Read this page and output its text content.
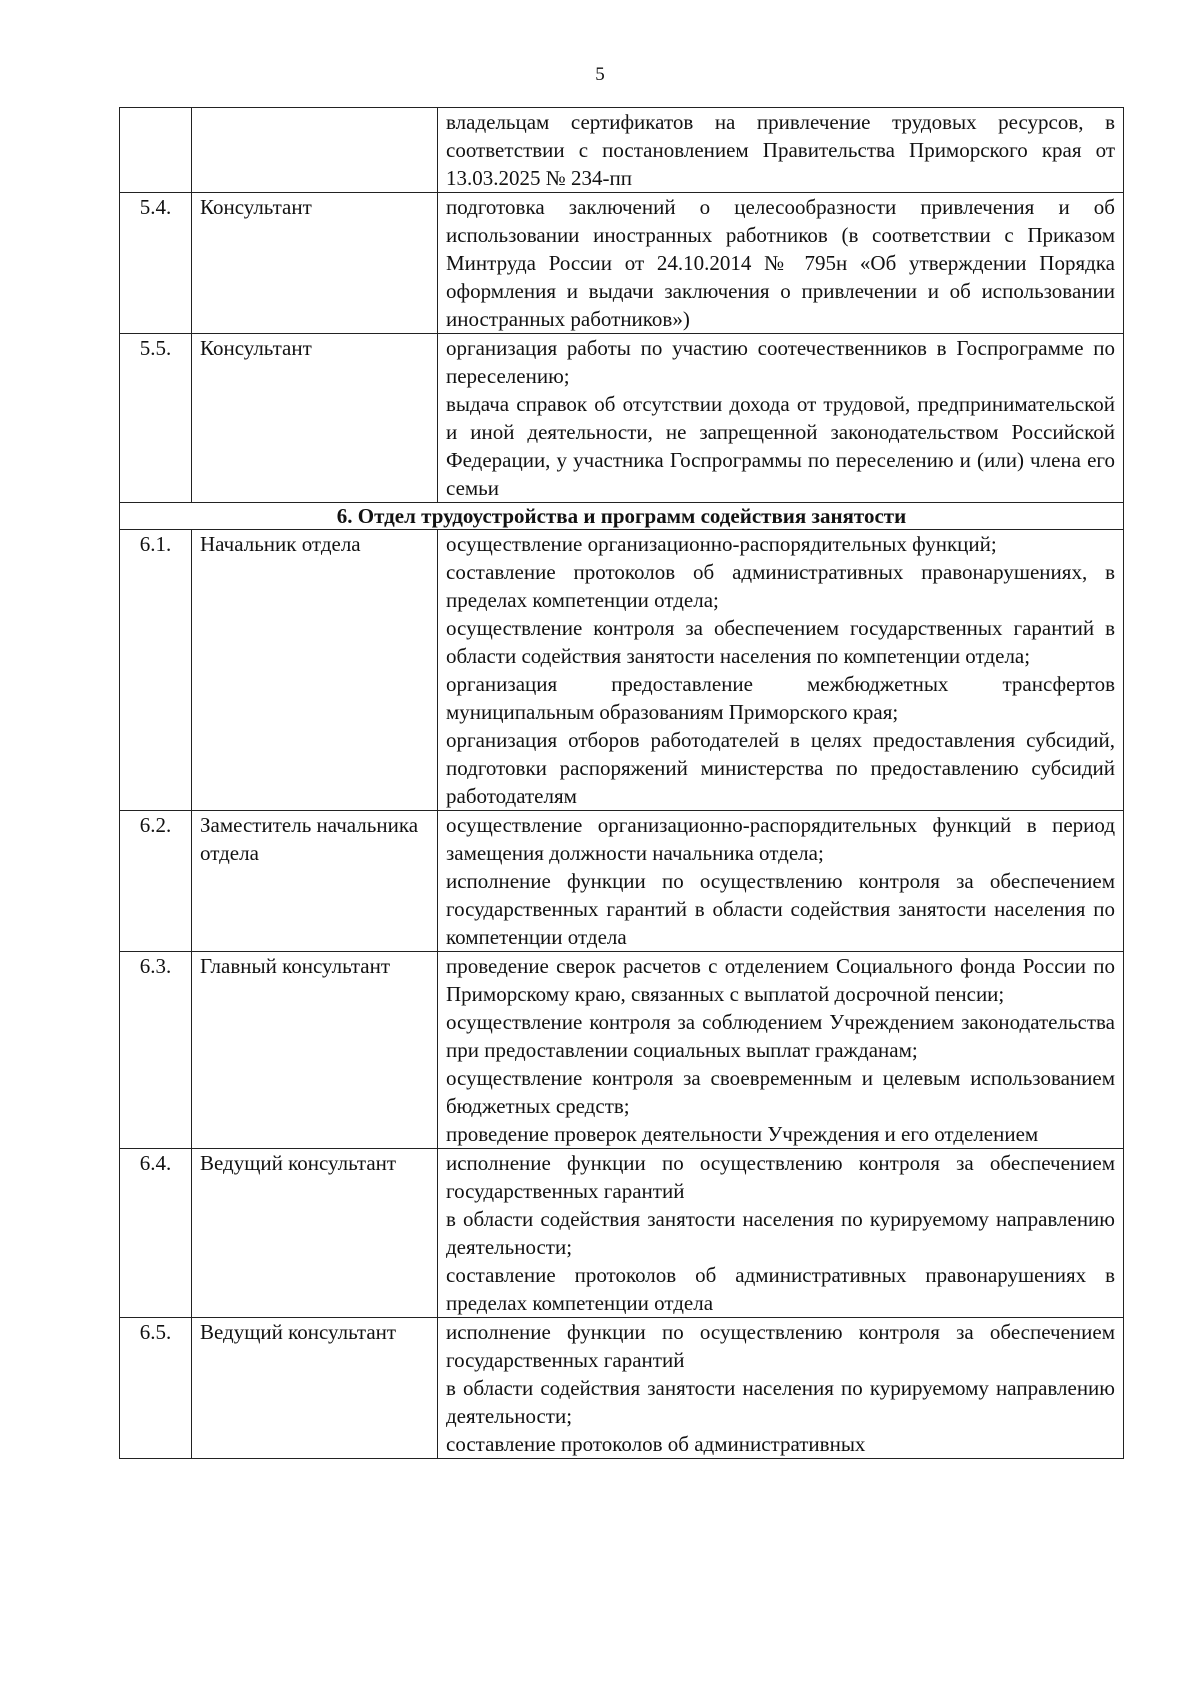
5

		владельцам сертификатов на привлечение трудовых ресурсов, в соответствии с постановлением Правительства Приморского края от 13.03.2025 № 234-пп

5.4.	Консультант	подготовка заключений о целесообразности привлечения и об использовании иностранных работников (в соответствии с Приказом Минтруда России от 24.10.2014 № 795н «Об утверждении Порядка оформления и выдачи заключения о привлечении и об использовании иностранных работников»)

5.5.	Консультант	организация работы по участию соотечественников в Госпрограмме по переселению;

выдача справок об отсутствии дохода от трудовой, предпринимательской и иной деятельности, не запрещенной законодательством Российской Федерации, у участника Госпрограммы по переселению и (или) члена его семьи

6. Отдел трудоустройства и программ содействия занятости		
6.1.	Начальник отдела	осуществление организационно-распорядительных функций;

составление протоколов об административных правонарушениях, в пределах компетенции отдела;

осуществление контроля за обеспечением государственных гарантий в области содействия занятости населения по компетенции отдела;

организация предоставление межбюджетных трансфертов муниципальным образованиям Приморского края;

организация отборов работодателей в целях предоставления субсидий, подготовки распоряжений министерства по предоставлению субсидий работодателям

6.2.	Заместитель начальника отдела	осуществление организационно-распорядительных функций в период замещения должности начальника отдела;

исполнение функции по осуществлению контроля за обеспечением государственных гарантий в области содействия занятости населения по компетенции отдела

6.3.	Главный консультант	проведение сверок расчетов с отделением Социального фонда России по Приморскому краю, связанных с выплатой досрочной пенсии;

осуществление контроля за соблюдением Учреждением законодательства при предоставлении социальных выплат гражданам;

осуществление контроля за своевременным и целевым использованием бюджетных средств;

проведение проверок деятельности Учреждения и его отделением

6.4.	Ведущий консультант	исполнение функции по осуществлению контроля за обеспечением государственных гарантий

в области содействия занятости населения по курируемому направлению деятельности;

составление протоколов об административных правонарушениях в пределах компетенции отдела

6.5.	Ведущий консультант	исполнение функции по осуществлению контроля за обеспечением государственных гарантий

в области содействия занятости населения по курируемому направлению деятельности;

составление протоколов об административных
